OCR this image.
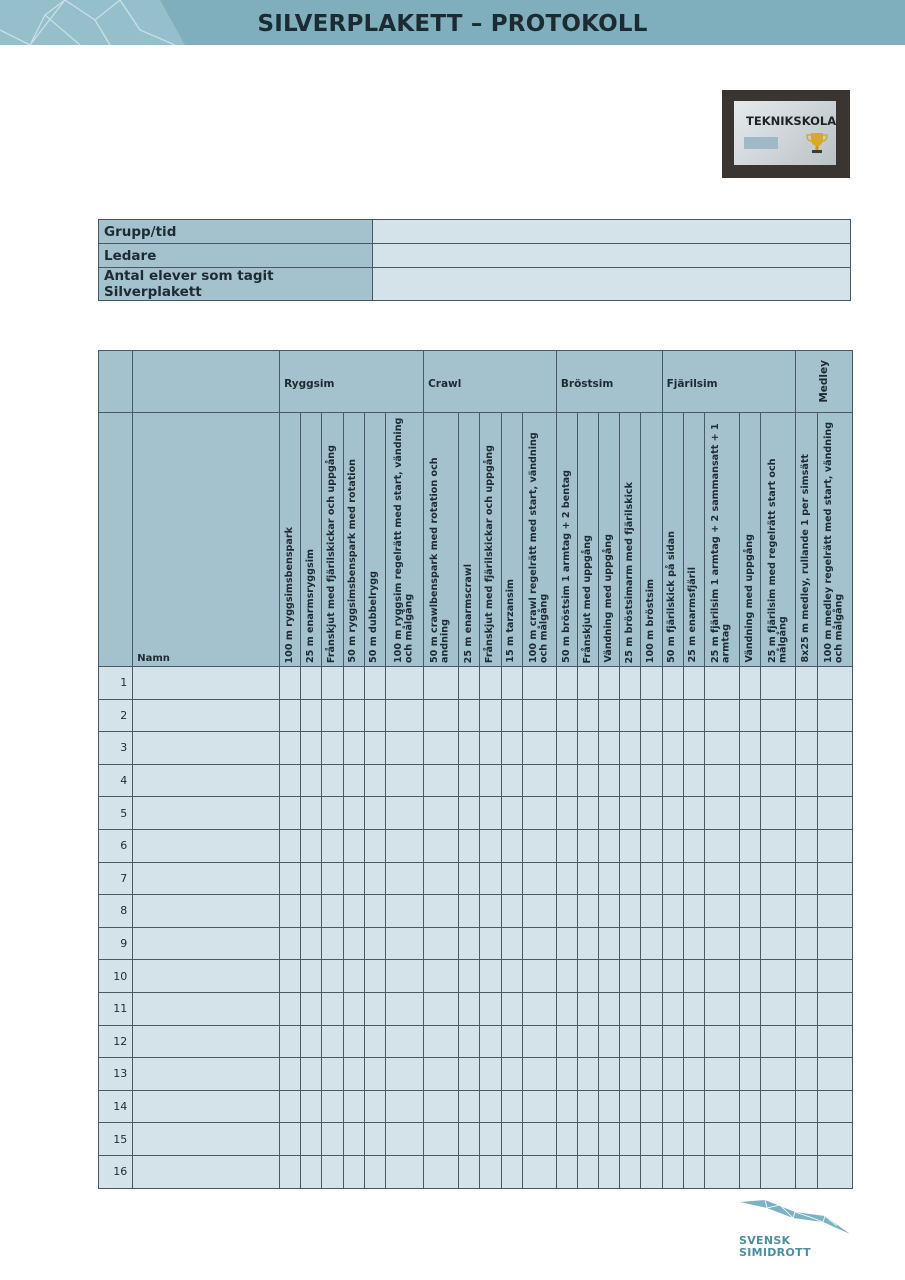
SILVERPLAKETT – PROTOKOLL
TEKNIKSKOLA
Grupp/tid	
Ledare	
Antal elever som tagit Silverplakett	
		Ryggsim						Crawl					Bröstsim					Fjärilsim					Medley	

	Namn	100 m ryggsimsbenspark	25 m enarmsryggsim	Frånskjut med fjärilskickar och uppgång	50 m ryggsimsbenspark med rotation	50 m dubbelrygg	100 m ryggsim regelrätt med start, vändning och målgång	50 m crawlbenspark med rotation och andning	25 m enarmscrawl	Frånskjut med fjärilskickar och uppgång	15 m tarzansim	100 m crawl regelrätt med start, vändning och målgång	50 m bröstsim 1 armtag + 2 bentag	Frånskjut med uppgång	Vändning med uppgång	25 m bröstsimarm med fjärilskick	100 m bröstsim	50 m fjärilskick på sidan	25 m enarmsfjäril	25 m fjärilsim 1 armtag + 2 sammansatt + 1 armtag	Vändning med uppgång	25 m fjärilsim med regelrätt start och målgång	8x25 m medley, rullande 1 per simsätt	100 m medley regelrätt med start, vändning och målgång

1																								
2																								
3																								
4																								
5																								
6																								
7																								
8																								
9																								
10																								
11																								
12																								
13																								
14																								
15																								
16																								
SVENSK
SIMIDROTT
